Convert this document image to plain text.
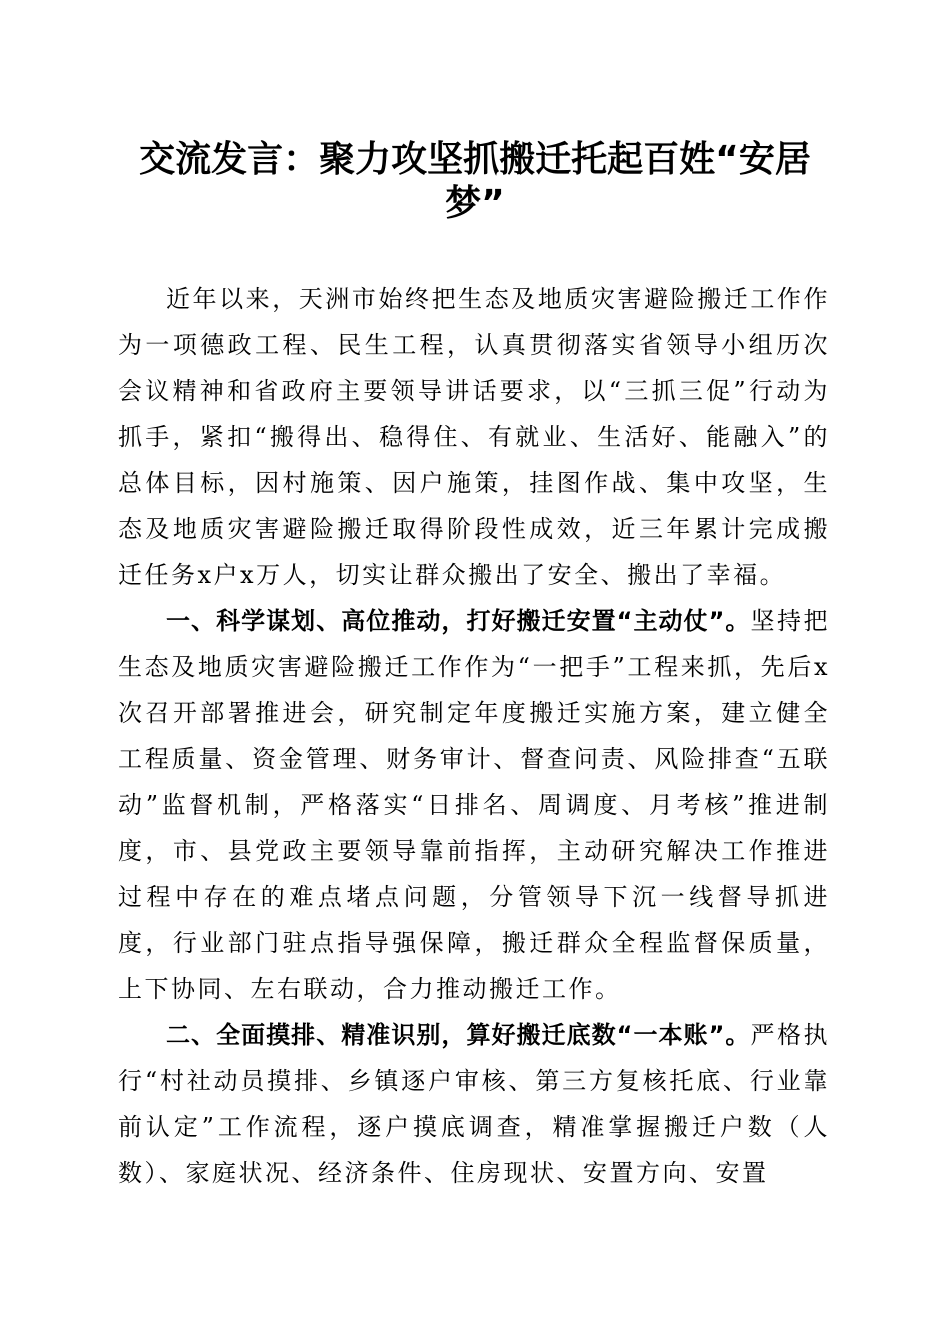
交流发言：聚力攻坚抓搬迁托起百姓“安居梦”

近年以来，天洲市始终把生态及地质灾害避险搬迁工作作为一项德政工程、民生工程，认真贯彻落实省领导小组历次会议精神和省政府主要领导讲话要求，以“三抓三促”行动为抓手，紧扣“搬得出、稳得住、有就业、生活好、能融入”的总体目标，因村施策、因户施策，挂图作战、集中攻坚，生态及地质灾害避险搬迁取得阶段性成效，近三年累计完成搬迁任务x户x万人，切实让群众搬出了安全、搬出了幸福。

一、科学谋划、高位推动，打好搬迁安置“主动仗”。坚持把生态及地质灾害避险搬迁工作作为“一把手”工程来抓，先后x次召开部署推进会，研究制定年度搬迁实施方案，建立健全工程质量、资金管理、财务审计、督查问责、风险排查“五联动”监督机制，严格落实“日排名、周调度、月考核”推进制度，市、县党政主要领导靠前指挥，主动研究解决工作推进过程中存在的难点堵点问题，分管领导下沉一线督导抓进度，行业部门驻点指导强保障，搬迁群众全程监督保质量，上下协同、左右联动，合力推动搬迁工作。

二、全面摸排、精准识别，算好搬迁底数“一本账”。严格执行“村社动员摸排、乡镇逐户审核、第三方复核托底、行业靠前认定”工作流程，逐户摸底调查，精准掌握搬迁户数（人数）、家庭状况、经济条件、住房现状、安置方向、安置
